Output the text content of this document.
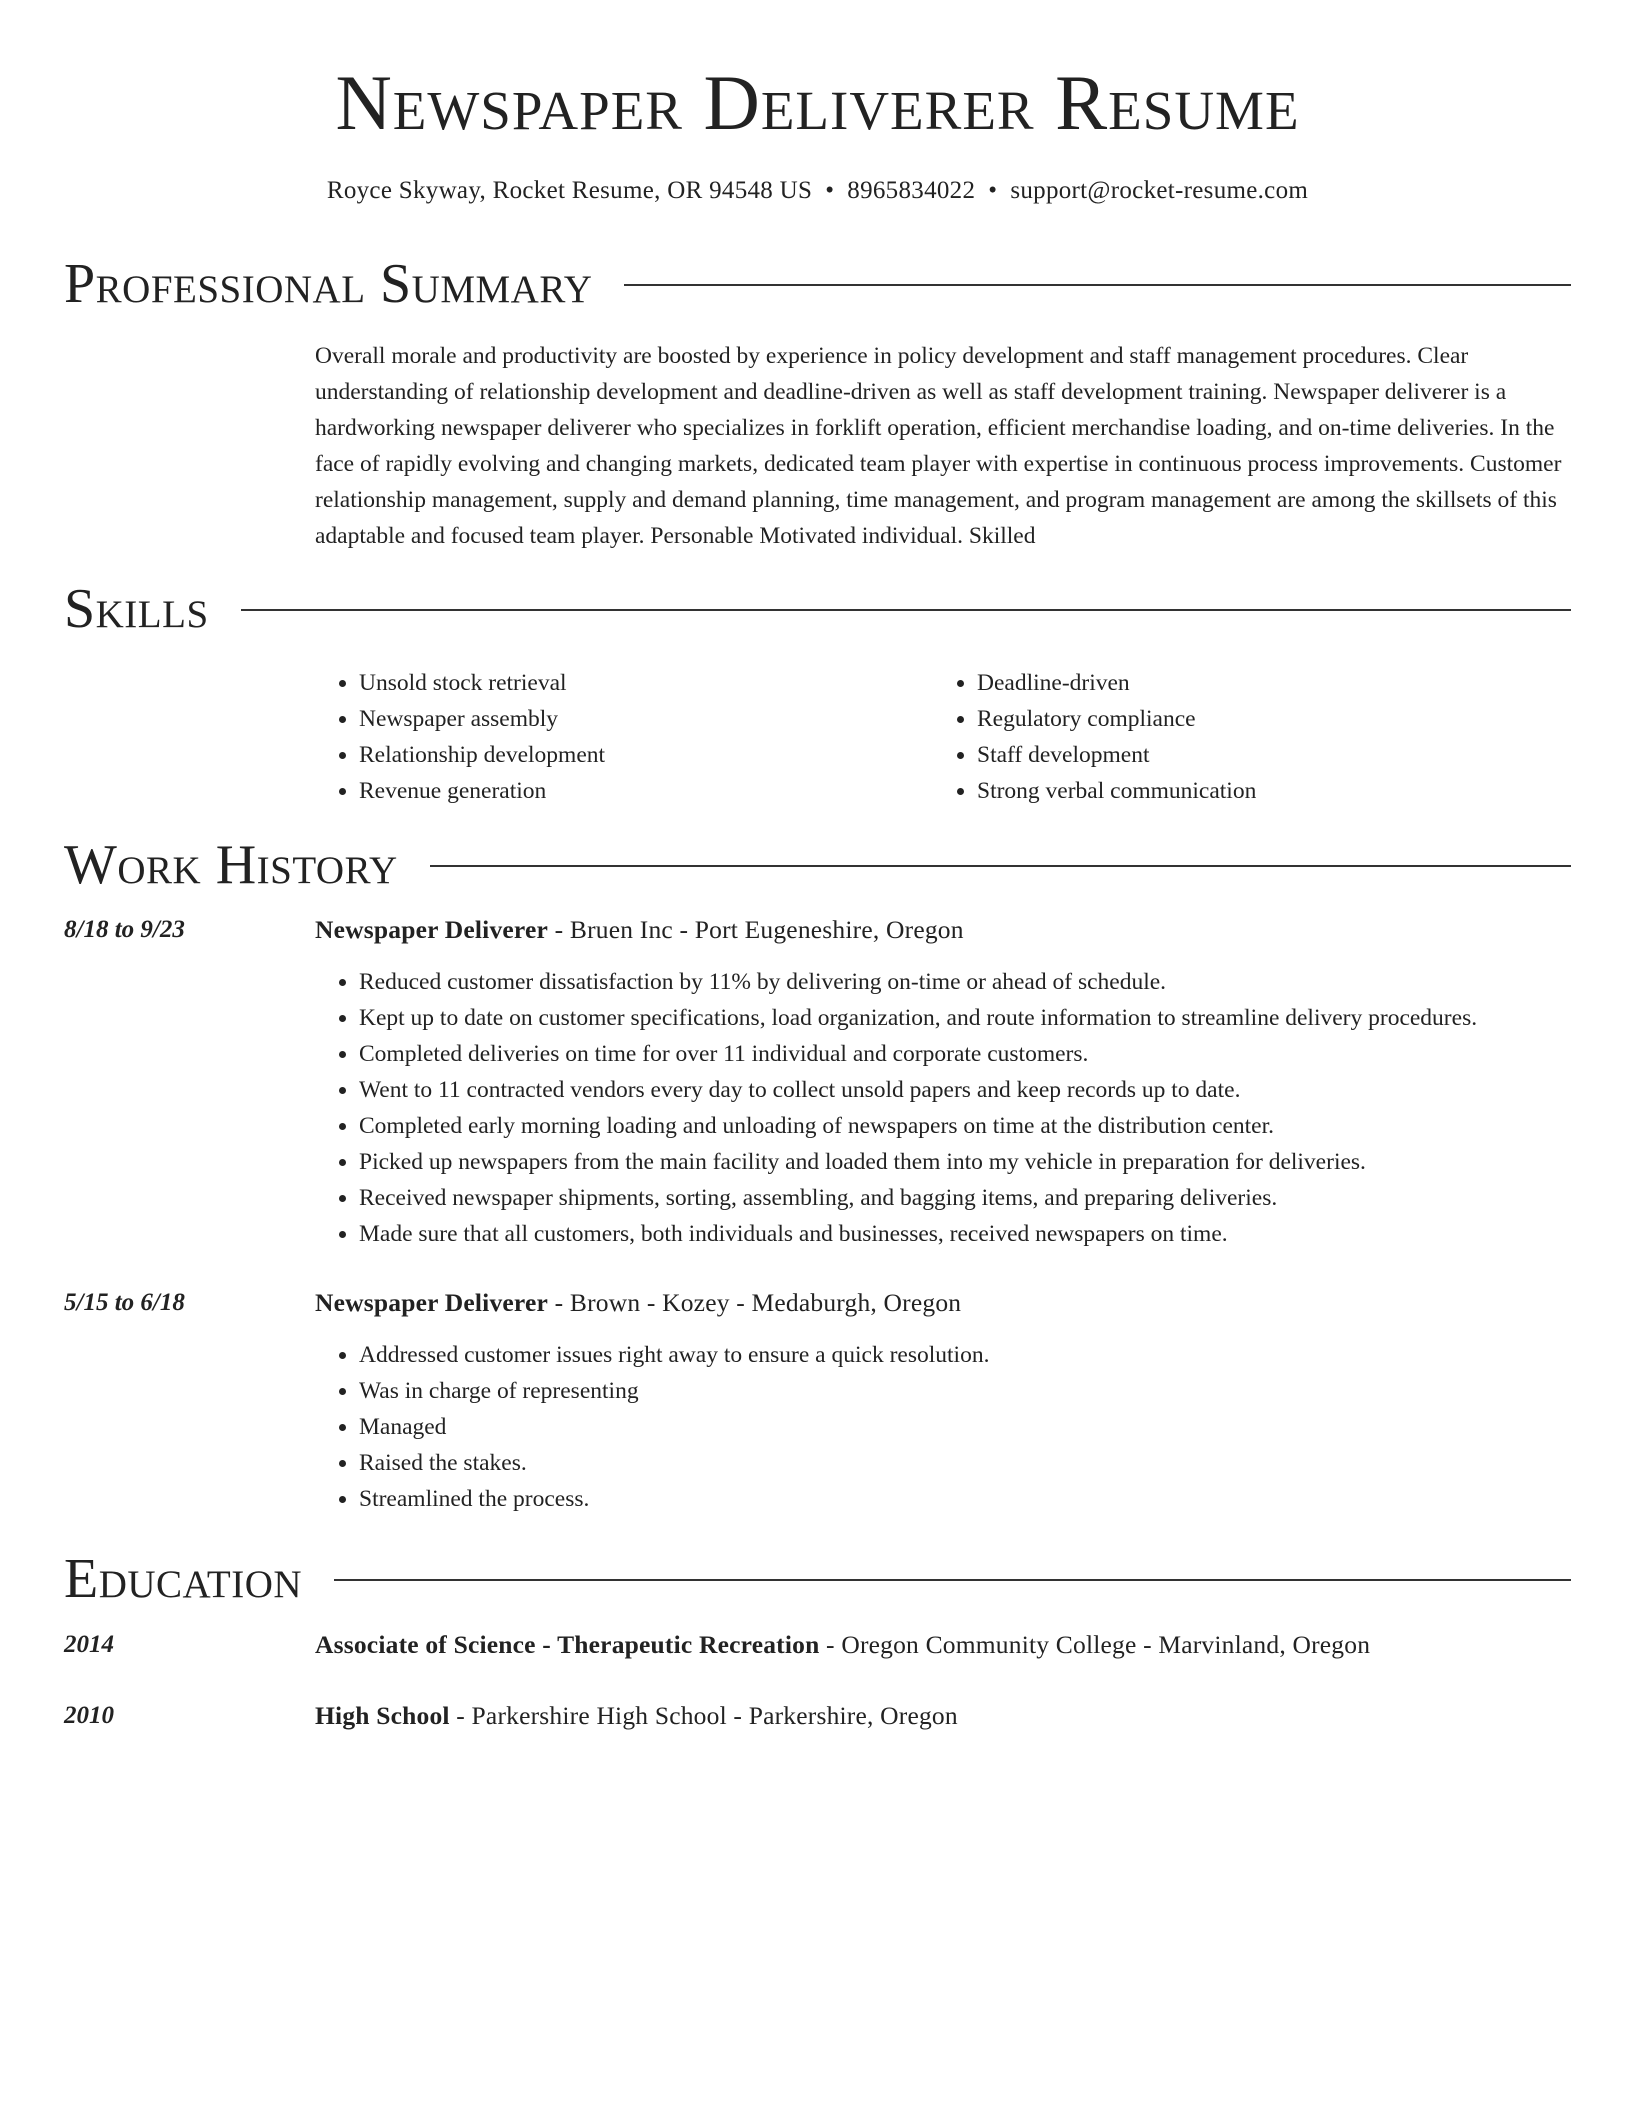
Newspaper Deliverer Resume
Royce Skyway, Rocket Resume, OR 94548 US • 8965834022 • support@rocket-resume.com
Professional Summary

Overall morale and productivity are boosted by experience in policy development and staff management procedures. Clear understanding of relationship development and deadline-driven as well as staff development training. Newspaper deliverer is a hardworking newspaper deliverer who specializes in forklift operation, efficient merchandise loading, and on-time deliveries. In the face of rapidly evolving and changing markets, dedicated team player with expertise in continuous process improvements. Customer relationship management, supply and demand planning, time management, and program management are among the skillsets of this adaptable and focused team player. Personable Motivated individual. Skilled

Skills
• Unsold stock retrieval
• Newspaper assembly
• Relationship development
• Revenue generation
• Deadline-driven
• Regulatory compliance
• Staff development
• Strong verbal communication
Work History
8/18 to 9/23	Newspaper Deliverer - Bruen Inc - Port Eugeneshire, Oregon
• Reduced customer dissatisfaction by 11% by delivering on-time or ahead of schedule.
• Kept up to date on customer specifications, load organization, and route information to streamline delivery procedures.
• Completed deliveries on time for over 11 individual and corporate customers.
• Went to 11 contracted vendors every day to collect unsold papers and keep records up to date.
• Completed early morning loading and unloading of newspapers on time at the distribution center.
• Picked up newspapers from the main facility and loaded them into my vehicle in preparation for deliveries.
• Received newspaper shipments, sorting, assembling, and bagging items, and preparing deliveries.
• Made sure that all customers, both individuals and businesses, received newspapers on time.
5/15 to 6/18	Newspaper Deliverer - Brown - Kozey - Medaburgh, Oregon
• Addressed customer issues right away to ensure a quick resolution.
• Was in charge of representing
• Managed
• Raised the stakes.
• Streamlined the process.
Education
2014	Associate of Science - Therapeutic Recreation - Oregon Community College - Marvinland, Oregon
2010	High School - Parkershire High School - Parkershire, Oregon
